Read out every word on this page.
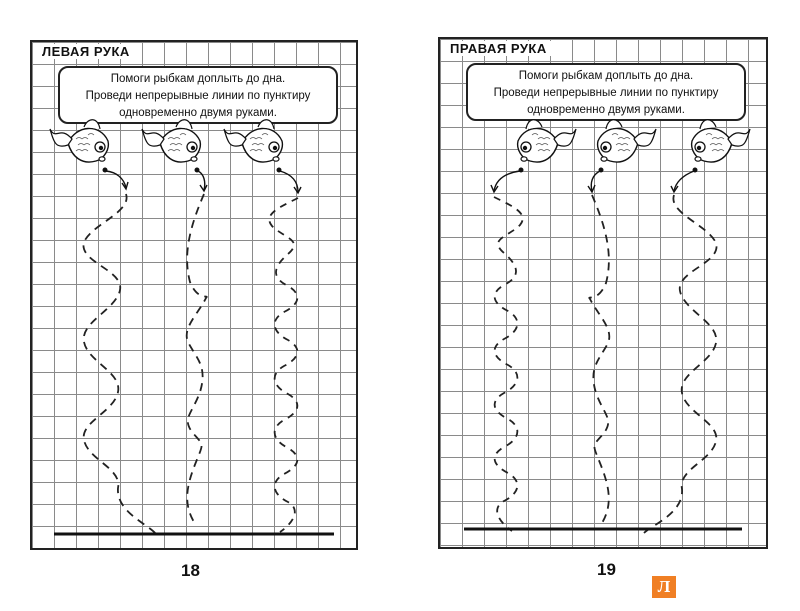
ЛЕВАЯ РУКА
Помоги рыбкам доплыть до дна.
Проведи непрерывные линии по пунктиру
одновременно двумя руками.
18
ПРАВАЯ РУКА
Помоги рыбкам доплыть до дна.
Проведи непрерывные линии по пунктиру
одновременно двумя руками.
19
Л
